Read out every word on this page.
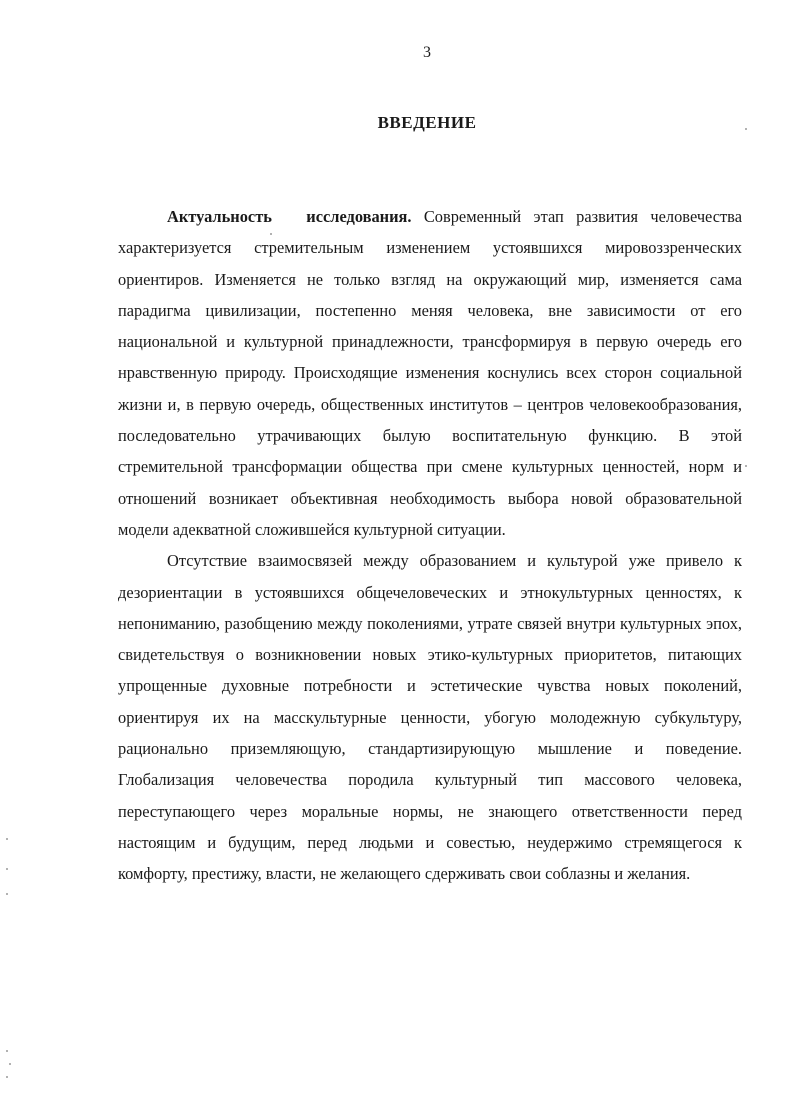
3
ВВЕДЕНИЕ

Актуальность исследования. Современный этап развития человечества характеризуется стремительным изменением устоявшихся мировоззренческих ориентиров. Изменяется не только взгляд на окружающий мир, изменяется сама парадигма цивилизации, постепенно меняя человека, вне зависимости от его национальной и культурной принадлежности, трансформируя в первую очередь его нравственную природу. Происходящие изменения коснулись всех сторон социальной жизни и, в первую очередь, общественных институтов – центров человекообразования, последовательно утрачивающих былую воспитательную функцию. В этой стремительной трансформации общества при смене культурных ценностей, норм и отношений возникает объективная необходимость выбора новой образовательной модели адекватной сложившейся культурной ситуации.

Отсутствие взаимосвязей между образованием и культурой уже привело к дезориентации в устоявшихся общечеловеческих и этнокультурных ценностях, к непониманию, разобщению между поколениями, утрате связей внутри культурных эпох, свидетельствуя о возникновении новых этико-культурных приоритетов, питающих упрощенные духовные потребности и эстетические чувства новых поколений, ориентируя их на масскультурные ценности, убогую молодежную субкультуру, рационально приземляющую, стандартизирующую мышление и поведение. Глобализация человечества породила культурный тип массового человека, переступающего через моральные нормы, не знающего ответственности перед настоящим и будущим, перед людьми и совестью, неудержимо стремящегося к комфорту, престижу, власти, не желающего сдерживать свои соблазны и желания.
